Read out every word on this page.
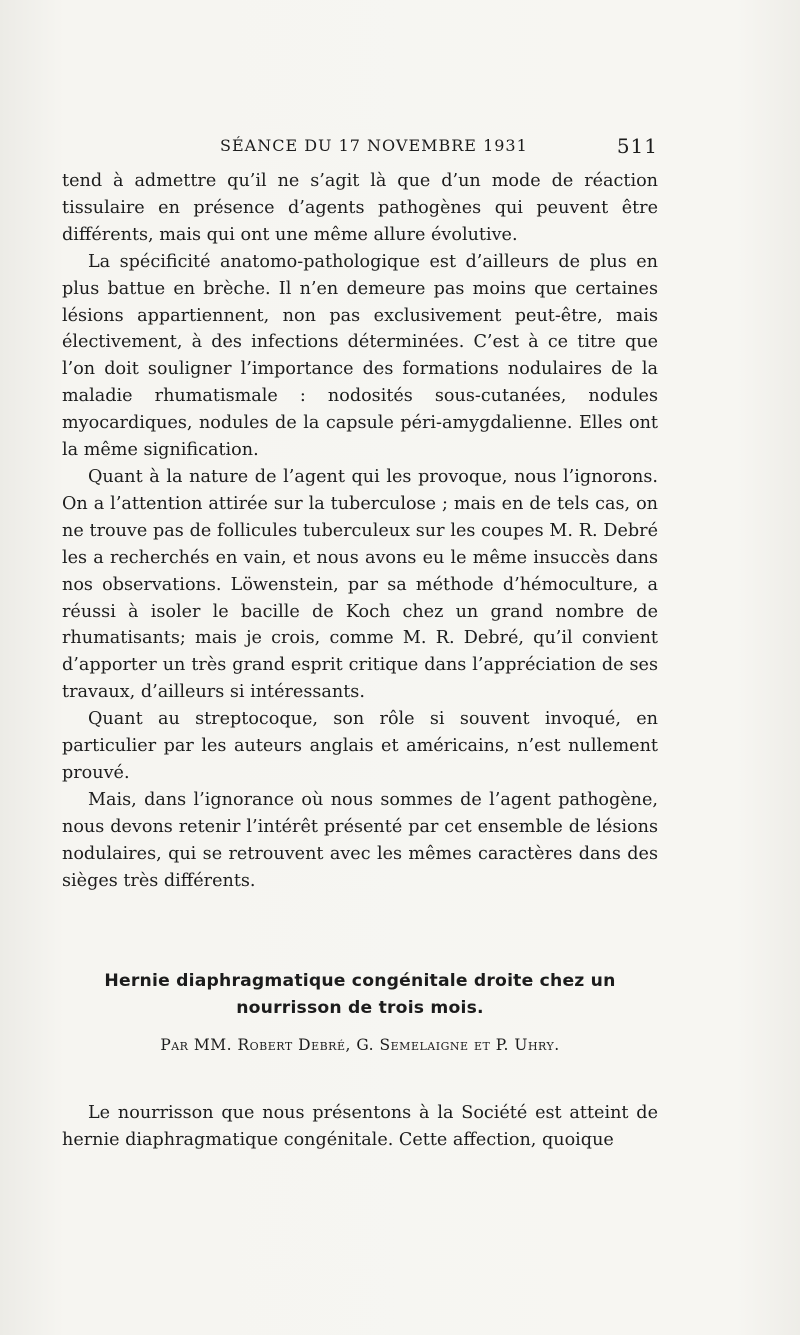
SÉANCE DU 17 NOVEMBRE 1931	511

tend à admettre qu’il ne s’agit là que d’un mode de réaction tissulaire en présence d’agents pathogènes qui peuvent être différents, mais qui ont une même allure évolutive.

La spécificité anatomo-pathologique est d’ailleurs de plus en plus battue en brèche. Il n’en demeure pas moins que certaines lésions appartiennent, non pas exclusivement peut-être, mais électivement, à des infections déterminées. C’est à ce titre que l’on doit souligner l’importance des formations nodulaires de la maladie rhumatismale : nodosités sous-cutanées, nodules myocardiques, nodules de la capsule péri-amygdalienne. Elles ont la même signification.

Quant à la nature de l’agent qui les provoque, nous l’ignorons. On a l’attention attirée sur la tuberculose ; mais en de tels cas, on ne trouve pas de follicules tuberculeux sur les coupes M. R. Debré les a recherchés en vain, et nous avons eu le même insuccès dans nos observations. Löwenstein, par sa méthode d’hémoculture, a réussi à isoler le bacille de Koch chez un grand nombre de rhumatisants; mais je crois, comme M. R. Debré, qu’il convient d’apporter un très grand esprit critique dans l’appréciation de ses travaux, d’ailleurs si intéressants.

Quant au streptocoque, son rôle si souvent invoqué, en particulier par les auteurs anglais et américains, n’est nullement prouvé.

Mais, dans l’ignorance où nous sommes de l’agent pathogène, nous devons retenir l’intérêt présenté par cet ensemble de lésions nodulaires, qui se retrouvent avec les mêmes caractères dans des sièges très différents.

Hernie diaphragmatique congénitale droite chez un nourrisson de trois mois.

Par MM. Robert Debré, G. Semelaigne et P. Uhry.

Le nourrisson que nous présentons à la Société est atteint de hernie diaphragmatique congénitale. Cette affection, quoique
